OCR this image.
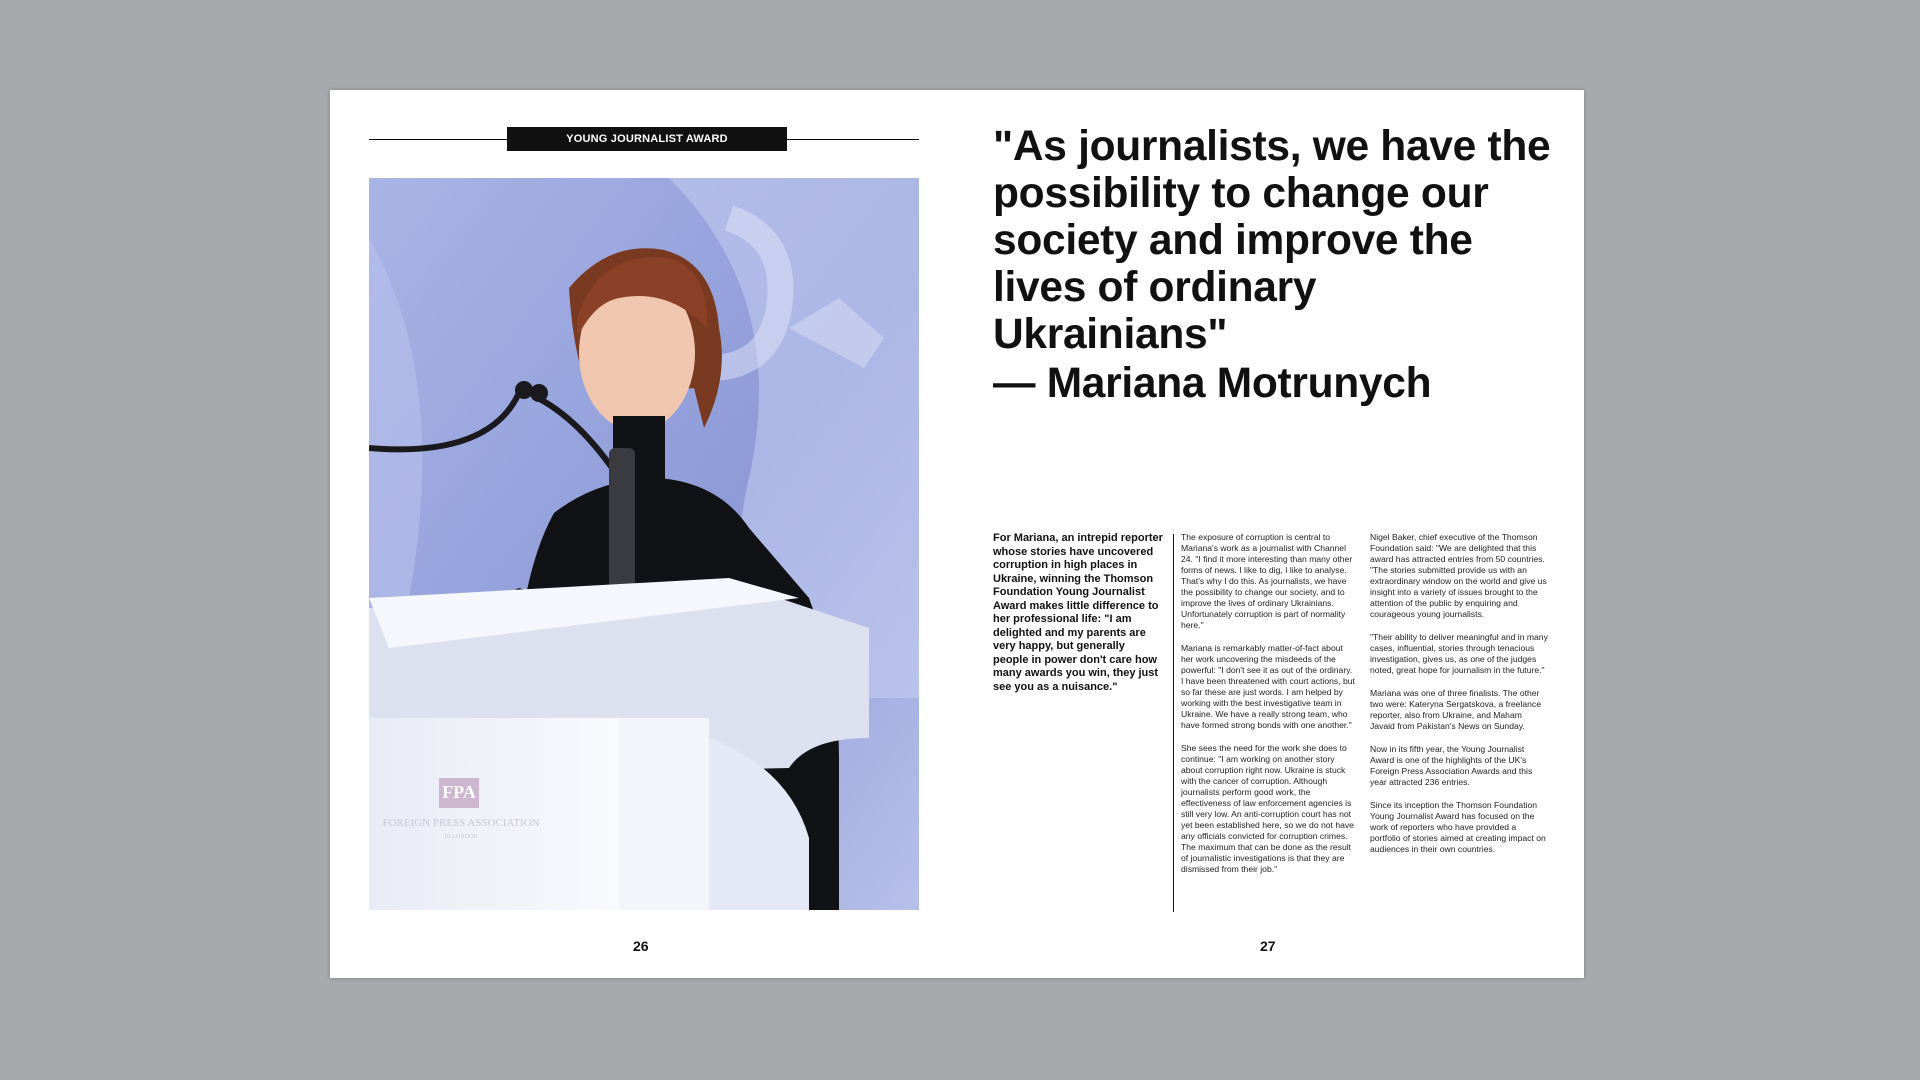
YOUNG JOURNALIST AWARD
FPA
FOREIGN PRESS ASSOCIATION
IN LONDON
"As journalists, we have the possibility to change our society and improve the lives of ordinary Ukrainians"
— Mariana Motrunych
For Mariana, an intrepid reporter whose stories have uncovered corruption in high places in Ukraine, winning the Thomson Foundation Young Journalist Award makes little difference to her professional life: "I am delighted and my parents are very happy, but generally people in power don't care how many awards you win, they just see you as a nuisance."

The exposure of corruption is central to Mariana's work as a journalist with Channel 24. "I find it more interesting than many other forms of news. I like to dig, I like to analyse. That's why I do this. As journalists, we have the possibility to change our society, and to improve the lives of ordinary Ukrainians. Unfortunately corruption is part of normality here."

Mariana is remarkably matter-of-fact about her work uncovering the misdeeds of the powerful: "I don't see it as out of the ordinary. I have been threatened with court actions, but so far these are just words. I am helped by working with the best investigative team in Ukraine. We have a really strong team, who have formed strong bonds with one another."

She sees the need for the work she does to continue: "I am working on another story about corruption right now. Ukraine is stuck with the cancer of corruption. Although journalists perform good work, the effectiveness of law enforcement agencies is still very low. An anti-corruption court has not yet been established here, so we do not have any officials convicted for corruption crimes. The maximum that can be done as the result of journalistic investigations is that they are dismissed from their job."

Nigel Baker, chief executive of the Thomson Foundation said: "We are delighted that this award has attracted entries from 50 countries. "The stories submitted provide us with an extraordinary window on the world and give us insight into a variety of issues brought to the attention of the public by enquiring and courageous young journalists.

"Their ability to deliver meaningful and in many cases, influential, stories through tenacious investigation, gives us, as one of the judges noted, great hope for journalism in the future."

Mariana was one of three finalists. The other two were: Kateryna Sergatskova, a freelance reporter, also from Ukraine, and Maham Javaid from Pakistan's News on Sunday.

Now in its fifth year, the Young Journalist Award is one of the highlights of the UK's Foreign Press Association Awards and this year attracted 236 entries.

Since its inception the Thomson Foundation Young Journalist Award has focused on the work of reporters who have provided a portfolio of stories aimed at creating impact on audiences in their own countries.

26	27
